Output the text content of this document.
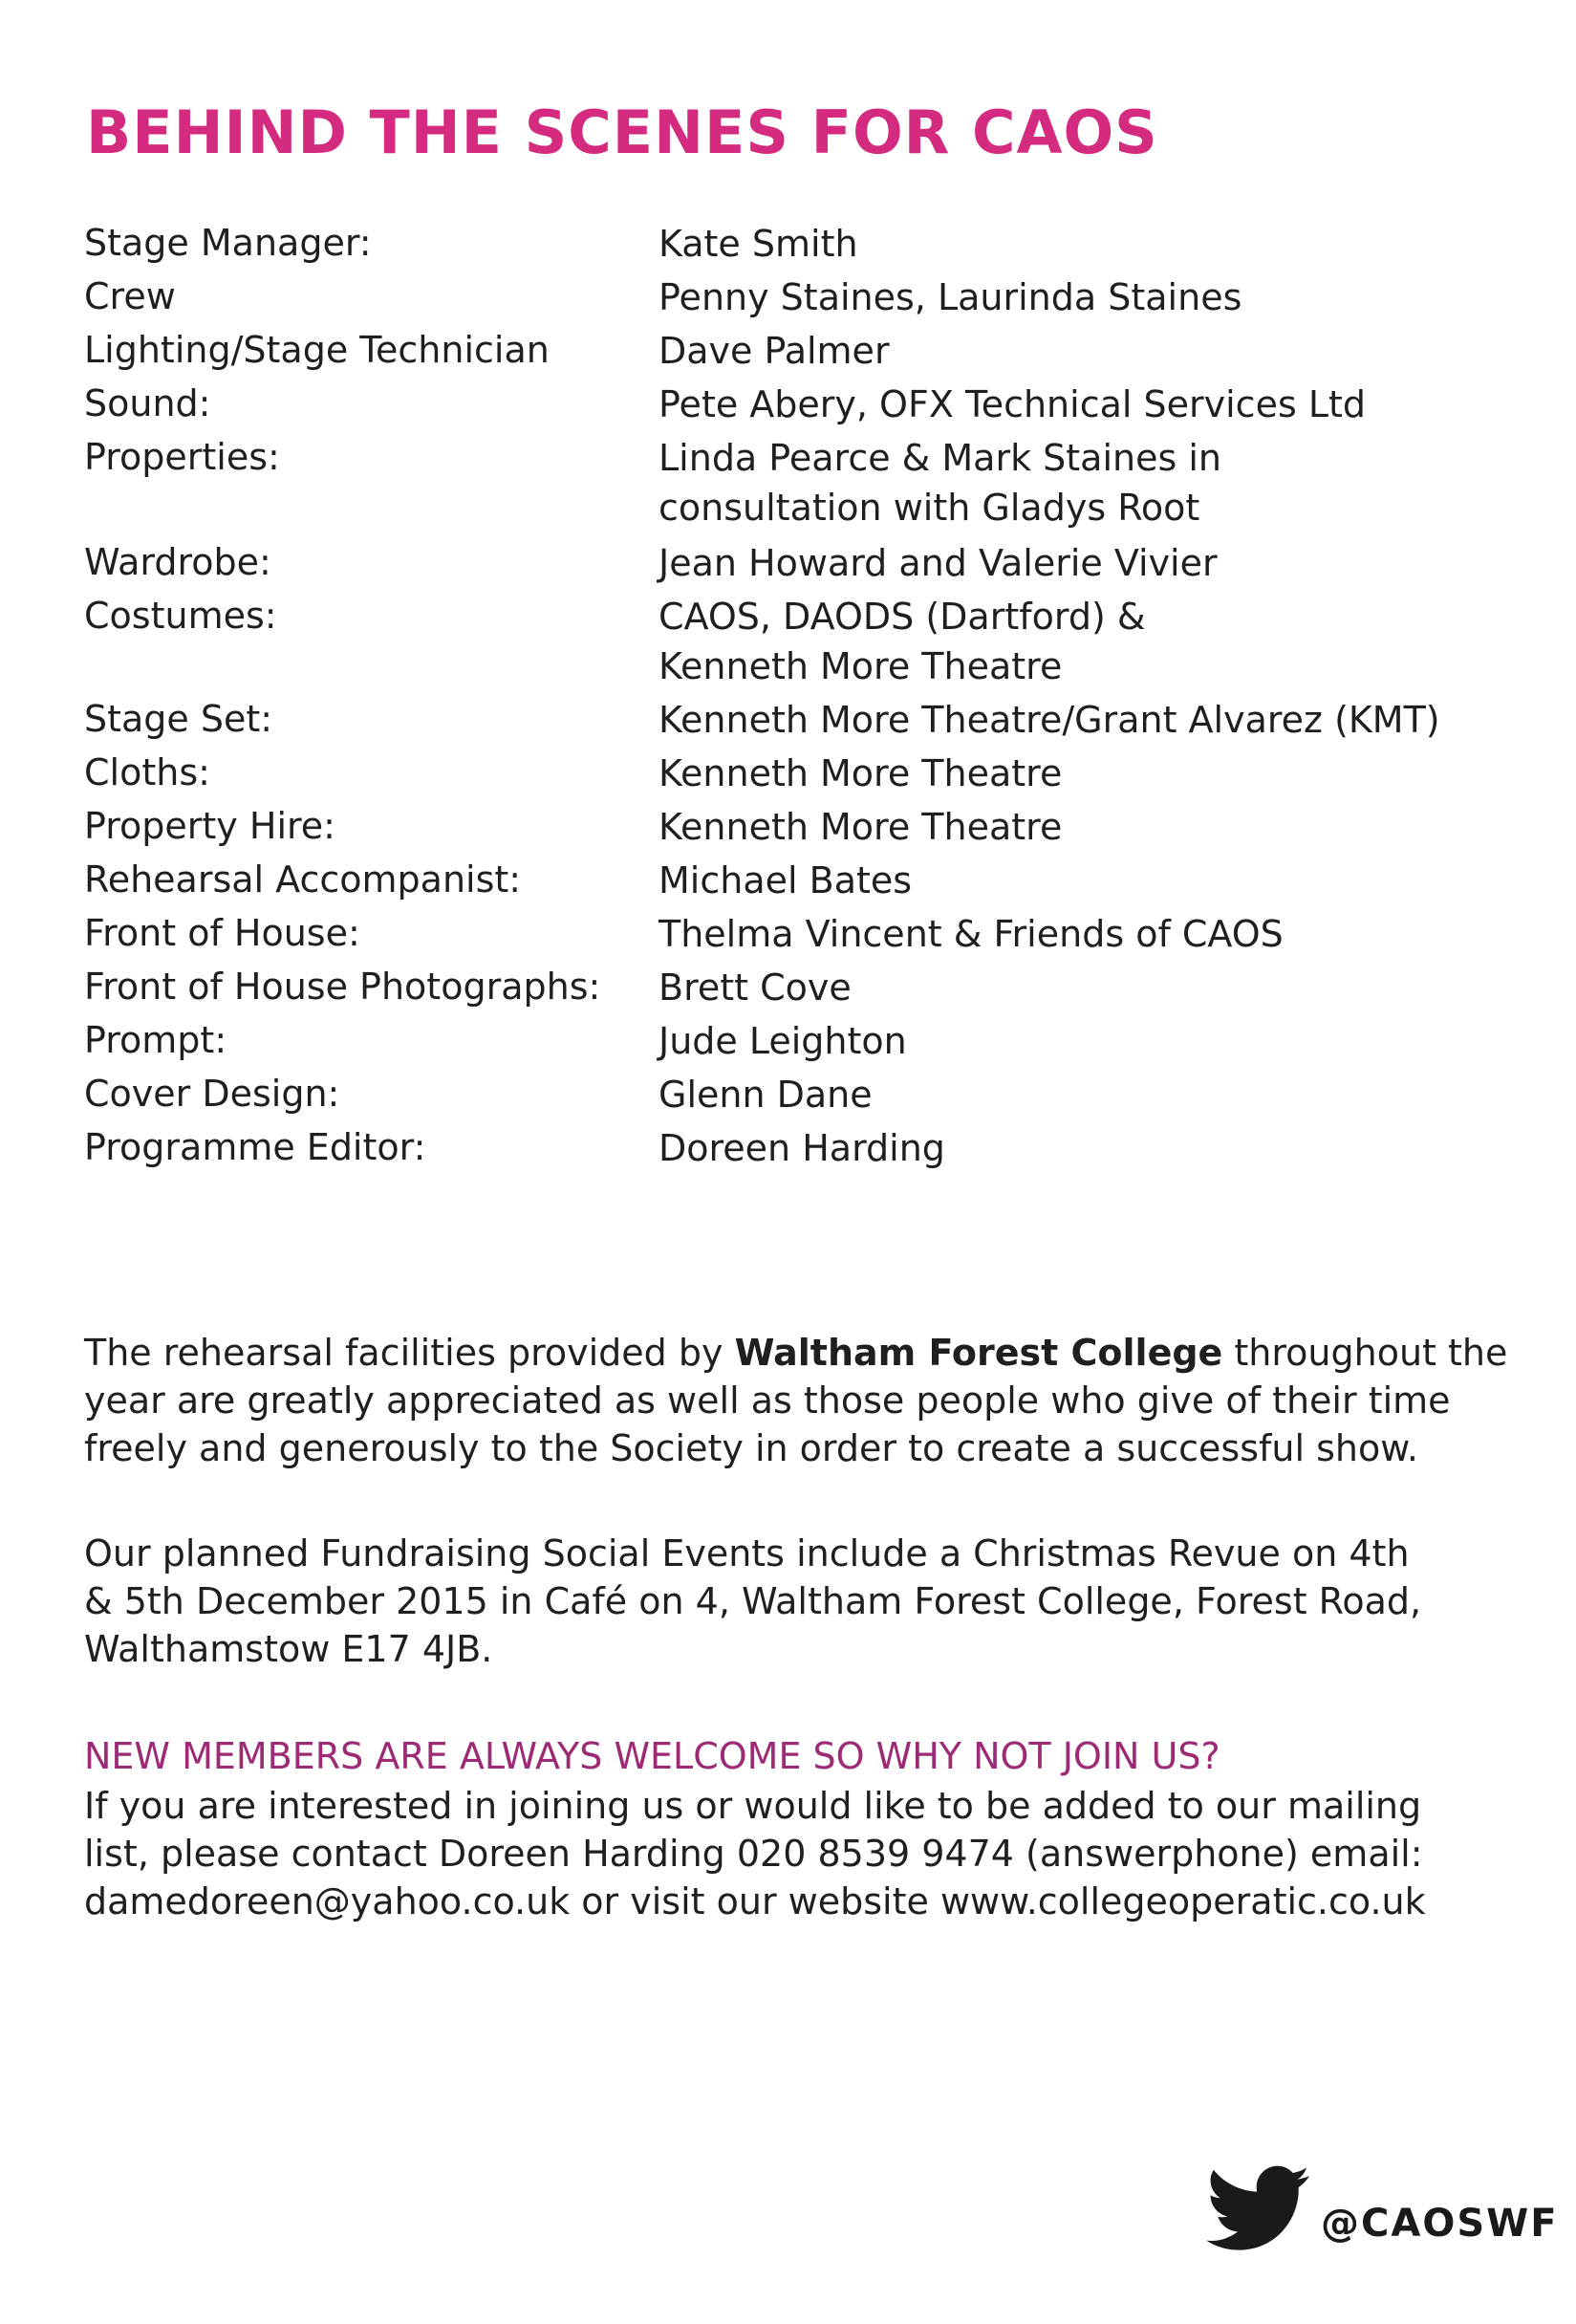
BEHIND THE SCENES FOR CAOS
Stage Manager:	Kate Smith
Crew	Penny Staines, Laurinda Staines
Lighting/Stage Technician	Dave Palmer
Sound:	Pete Abery, OFX Technical Services Ltd
Properties:	Linda Pearce & Mark Staines in
consultation with Gladys Root
Wardrobe:	Jean Howard and Valerie Vivier
Costumes:	CAOS, DAODS (Dartford) &
Kenneth More Theatre
Stage Set:	Kenneth More Theatre/Grant Alvarez (KMT)
Cloths:	Kenneth More Theatre
Property Hire:	Kenneth More Theatre
Rehearsal Accompanist:	Michael Bates
Front of House:	Thelma Vincent & Friends of CAOS
Front of House Photographs: Brett Cove
Prompt:	Jude Leighton
Cover Design:	Glenn Dane
Programme Editor:	Doreen Harding

The rehearsal facilities provided by Waltham Forest College throughout the
year are greatly appreciated as well as those people who give of their time
freely and generously to the Society in order to create a successful show.

Our planned Fundraising Social Events include a Christmas Revue on 4th
& 5th December 2015 in Café on 4, Waltham Forest College, Forest Road,
Walthamstow E17 4JB.

NEW MEMBERS ARE ALWAYS WELCOME SO WHY NOT JOIN US?

If you are interested in joining us or would like to be added to our mailing
list, please contact Doreen Harding 020 8539 9474 (answerphone) email:
damedoreen@yahoo.co.uk or visit our website www.collegeoperatic.co.uk

@CAOSWF
